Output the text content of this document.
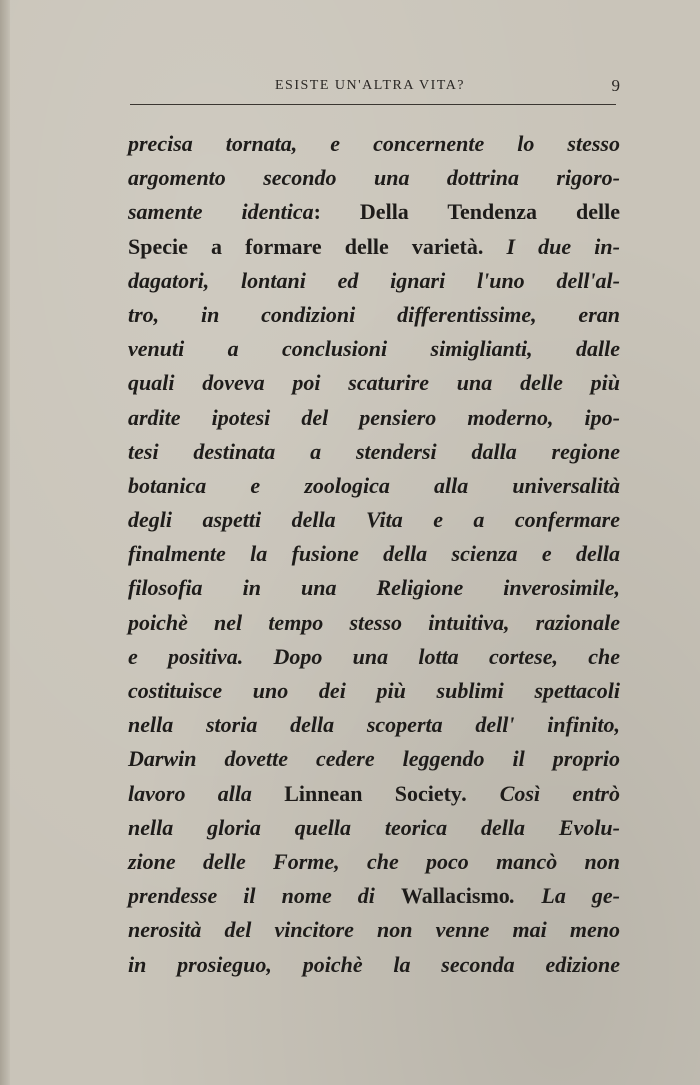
ESISTE UN'ALTRA VITA?	9
precisa tornata, e concernente lo stesso
argomento secondo una dottrina rigoro-
samente identica: Della Tendenza delle
Specie a formare delle varietà. I due in-
dagatori, lontani ed ignari l'uno dell'al-
tro, in condizioni differentissime, eran
venuti a conclusioni simiglianti, dalle
quali doveva poi scaturire una delle più
ardite ipotesi del pensiero moderno, ipo-
tesi destinata a stendersi dalla regione
botanica e zoologica alla universalità
degli aspetti della Vita e a confermare
finalmente la fusione della scienza e della
filosofia in una Religione inverosimile,
poichè nel tempo stesso intuitiva, razionale
e positiva. Dopo una lotta cortese, che
costituisce uno dei più sublimi spettacoli
nella storia della scoperta dell' infinito,
Darwin dovette cedere leggendo il proprio
lavoro alla Linnean Society. Così entrò
nella gloria quella teorica della Evolu-
zione delle Forme, che poco mancò non
prendesse il nome di Wallacismo. La ge-
nerosità del vincitore non venne mai meno
in prosieguo, poichè la seconda edizione
